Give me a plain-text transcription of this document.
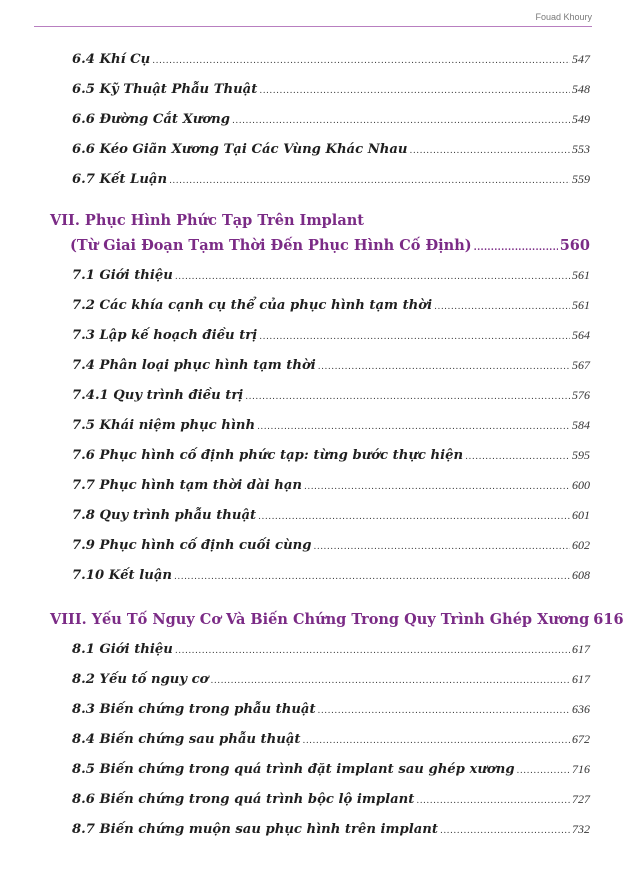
Fouad Khoury
6.4 Khí Cụ .....	547
6.5 Kỹ Thuật Phẫu Thuật .....	548
6.6 Đường Cắt Xương .....	549
6.6 Kéo Giãn Xương Tại Các Vùng Khác Nhau .....	553
6.7 Kết Luận .....	559
VII. Phục Hình Phức Tạp Trên Implant
(Từ Giai Đoạn Tạm Thời Đến Phục Hình Cố Định) .....	560
7.1 Giới thiệu .....	561
7.2 Các khía cạnh cụ thể của phục hình tạm thời .....	561
7.3 Lập kế hoạch điều trị .....	564
7.4 Phân loại phục hình tạm thời .....	567
7.4.1 Quy trình điều trị .....	576
7.5 Khái niệm phục hình .....	584
7.6 Phục hình cố định phức tạp: từng bước thực hiện .....	595
7.7 Phục hình tạm thời dài hạn .....	600
7.8 Quy trình phẫu thuật .....	601
7.9 Phục hình cố định cuối cùng .....	602
7.10 Kết luận .....	608
VIII. Yếu Tố Nguy Cơ Và Biến Chứng Trong Quy Trình Ghép Xương 616
8.1 Giới thiệu .....	617
8.2 Yếu tố nguy cơ .....	617
8.3 Biến chứng trong phẫu thuật .....	636
8.4 Biến chứng sau phẫu thuật .....	672
8.5 Biến chứng trong quá trình đặt implant sau ghép xương .....	716
8.6 Biến chứng trong quá trình bộc lộ implant .....	727
8.7 Biến chứng muộn sau phục hình trên implant .....	732
